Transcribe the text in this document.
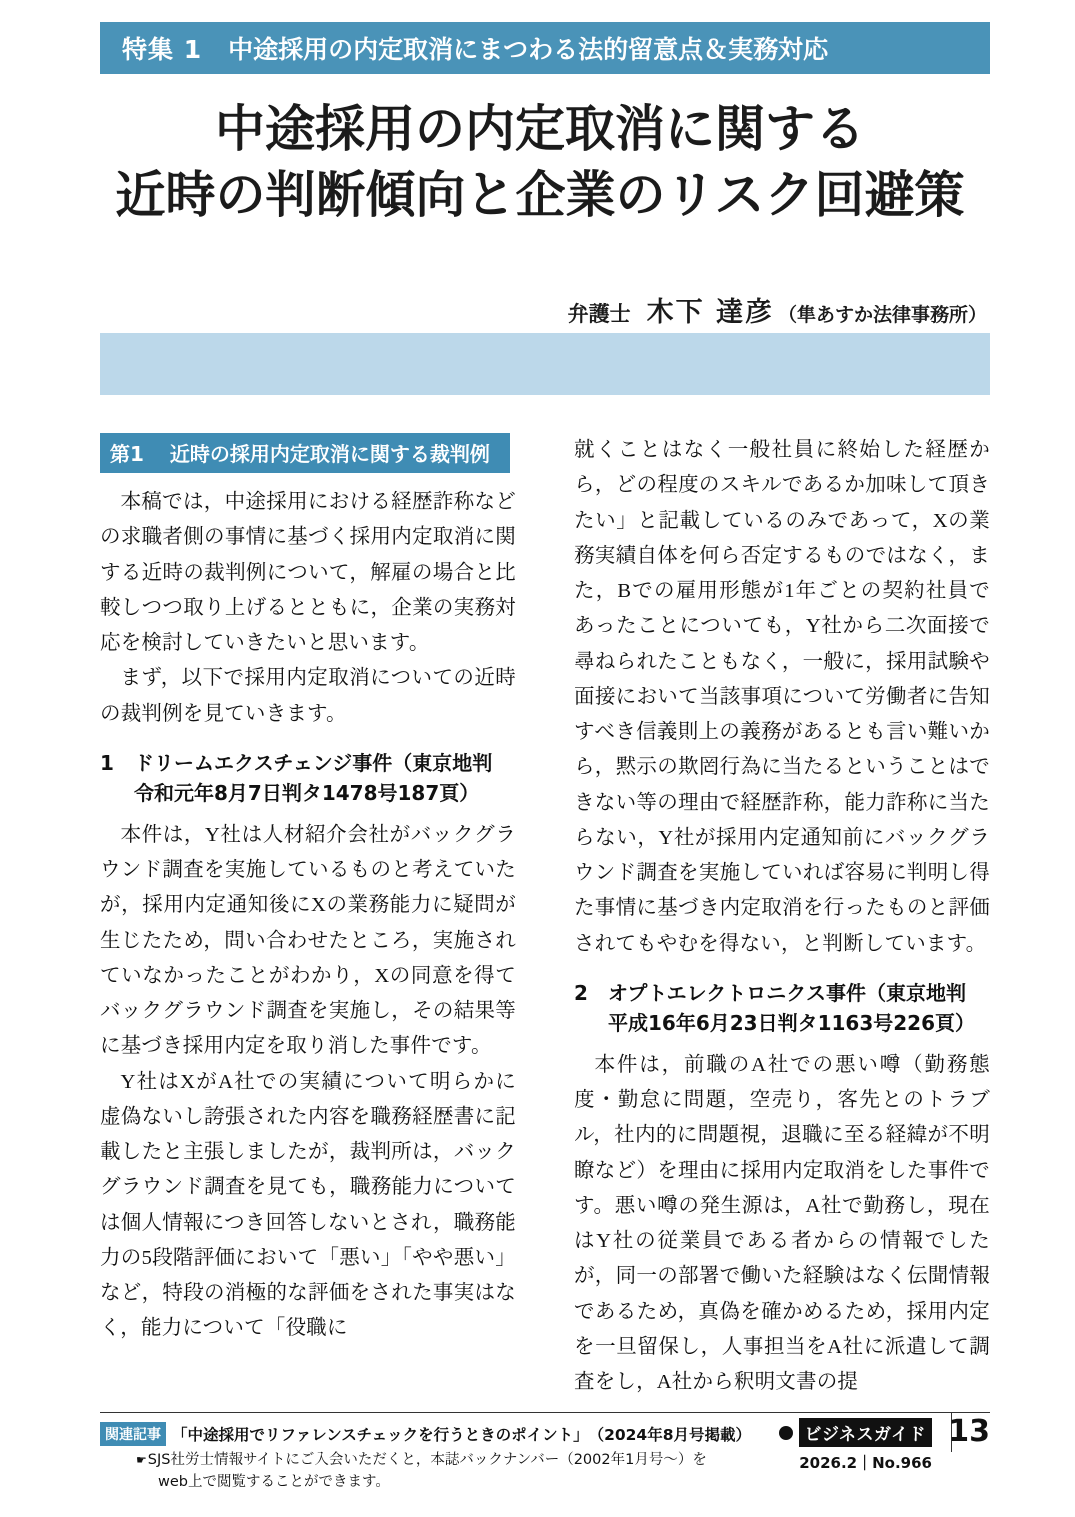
特集 1 中途採用の内定取消にまつわる法的留意点＆実務対応
中途採用の内定取消に関する
近時の判断傾向と企業のリスク回避策
弁護士 木下 達彦 （隼あすか法律事務所）
第1 近時の採用内定取消に関する裁判例

本稿では，中途採用における経歴詐称などの求職者側の事情に基づく採用内定取消に関する近時の裁判例について，解雇の場合と比較しつつ取り上げるとともに，企業の実務対応を検討していきたいと思います。

まず，以下で採用内定取消についての近時の裁判例を見ていきます。

1	ドリームエクスチェンジ事件（東京地判
令和元年8月7日判タ1478号187頁）

本件は，Y社は人材紹介会社がバックグラウンド調査を実施しているものと考えていたが，採用内定通知後にXの業務能力に疑問が生じたため，問い合わせたところ，実施されていなかったことがわかり，Xの同意を得てバックグラウンド調査を実施し，その結果等に基づき採用内定を取り消した事件です。

Y社はXがA社での実績について明らかに虚偽ないし誇張された内容を職務経歴書に記載したと主張しましたが，裁判所は，バックグラウンド調査を見ても，職務能力については個人情報につき回答しないとされ，職務能力の5段階評価において「悪い」「やや悪い」など，特段の消極的な評価をされた事実はなく，能力について「役職に

就くことはなく一般社員に終始した経歴から，どの程度のスキルであるか加味して頂きたい」と記載しているのみであって，Xの業務実績自体を何ら否定するものではなく，また，Bでの雇用形態が1年ごとの契約社員であったことについても，Y社から二次面接で尋ねられたこともなく，一般に，採用試験や面接において当該事項について労働者に告知すべき信義則上の義務があるとも言い難いから，黙示の欺罔行為に当たるということはできない等の理由で経歴詐称，能力詐称に当たらない，Y社が採用内定通知前にバックグラウンド調査を実施していれば容易に判明し得た事情に基づき内定取消を行ったものと評価されてもやむを得ない，と判断しています。

2	オプトエレクトロニクス事件（東京地判
平成16年6月23日判タ1163号226頁）

本件は，前職のA社での悪い噂（勤務態度・勤怠に問題，空売り，客先とのトラブル，社内的に問題視，退職に至る経緯が不明瞭など）を理由に採用内定取消をした事件です。悪い噂の発生源は，A社で勤務し，現在はY社の従業員である者からの情報でしたが，同一の部署で働いた経験はなく伝聞情報であるため，真偽を確かめるため，採用内定を一旦留保し，人事担当をA社に派遣して調査をし，A社から釈明文書の提

関連記事 「中途採用でリファレンスチェックを行うときのポイント」 （2024年8月号掲載）
☛ SJS社労士情報サイトにご入会いただくと，本誌バックナンバー（2002年1月号〜）を
web上で閲覧することができます。
ビジネスガイド
2026.2｜No.966
13
